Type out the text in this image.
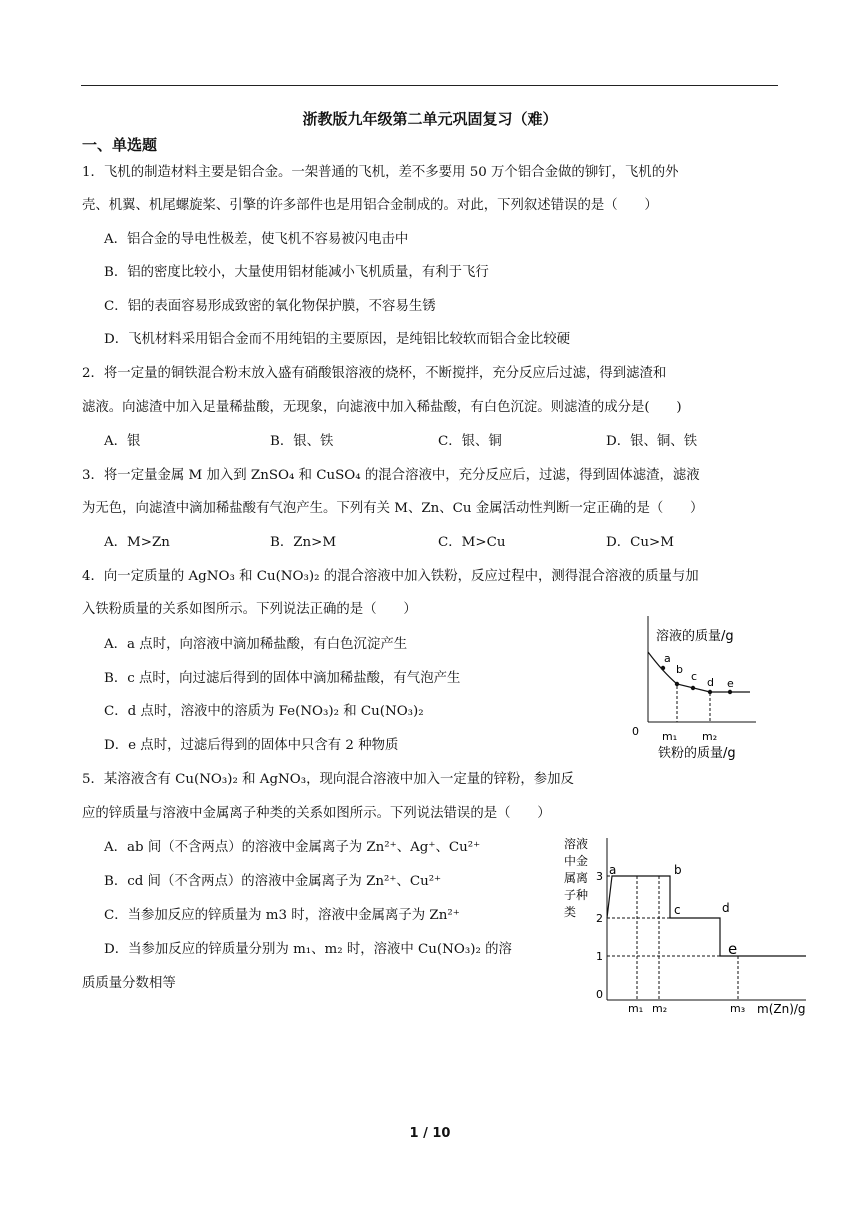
浙教版九年级第二单元巩固复习（难）
一、单选题
1．飞机的制造材料主要是铝合金。一架普通的飞机，差不多要用 50 万个铝合金做的铆钉，飞机的外
壳、机翼、机尾螺旋桨、引擎的许多部件也是用铝合金制成的。对此，下列叙述错误的是（　　）
A．铝合金的导电性极差，使飞机不容易被闪电击中
B．铝的密度比较小，大量使用铝材能减小飞机质量，有利于飞行
C．铝的表面容易形成致密的氧化物保护膜，不容易生锈
D．飞机材料采用铝合金而不用纯铝的主要原因，是纯铝比较软而铝合金比较硬
2．将一定量的铜铁混合粉末放入盛有硝酸银溶液的烧杯，不断搅拌，充分反应后过滤，得到滤渣和
滤液。向滤渣中加入足量稀盐酸，无现象，向滤液中加入稀盐酸，有白色沉淀。则滤渣的成分是(　　)
A．银	B．银、铁	C．银、铜	D．银、铜、铁
3．将一定量金属 M 加入到 ZnSO₄ 和 CuSO₄ 的混合溶液中，充分反应后，过滤，得到固体滤渣，滤液
为无色，向滤渣中滴加稀盐酸有气泡产生。下列有关 M、Zn、Cu 金属活动性判断一定正确的是（　　）
A．M>Zn	B．Zn>M	C．M>Cu	D．Cu>M
4．向一定质量的 AgNO₃ 和 Cu(NO₃)₂ 的混合溶液中加入铁粉，反应过程中，测得混合溶液的质量与加
入铁粉质量的关系如图所示。下列说法正确的是（　　）
A．a 点时，向溶液中滴加稀盐酸，有白色沉淀产生
B．c 点时，向过滤后得到的固体中滴加稀盐酸，有气泡产生
C．d 点时，溶液中的溶质为 Fe(NO₃)₂ 和 Cu(NO₃)₂
D．e 点时，过滤后得到的固体中只含有 2 种物质
溶液的质量/g
0 m₁ m₂
铁粉的质量/g
a
b
c d e
5．某溶液含有 Cu(NO₃)₂ 和 AgNO₃，现向混合溶液中加入一定量的锌粉，参加反
应的锌质量与溶液中金属离子种类的关系如图所示。下列说法错误的是（　　）
A．ab 间（不含两点）的溶液中金属离子为 Zn²⁺、Ag⁺、Cu²⁺
B．cd 间（不含两点）的溶液中金属离子为 Zn²⁺、Cu²⁺
C．当参加反应的锌质量为 m3 时，溶液中金属离子为 Zn²⁺
D．当参加反应的锌质量分别为 m₁、m₂ 时，溶液中 Cu(NO₃)₂ 的溶
质质量分数相等
溶液
中金
属离
子种
类
3
2
1
0
a	b
c	d
e
m₁ m₂	m₃ m(Zn)/g
1 / 10
